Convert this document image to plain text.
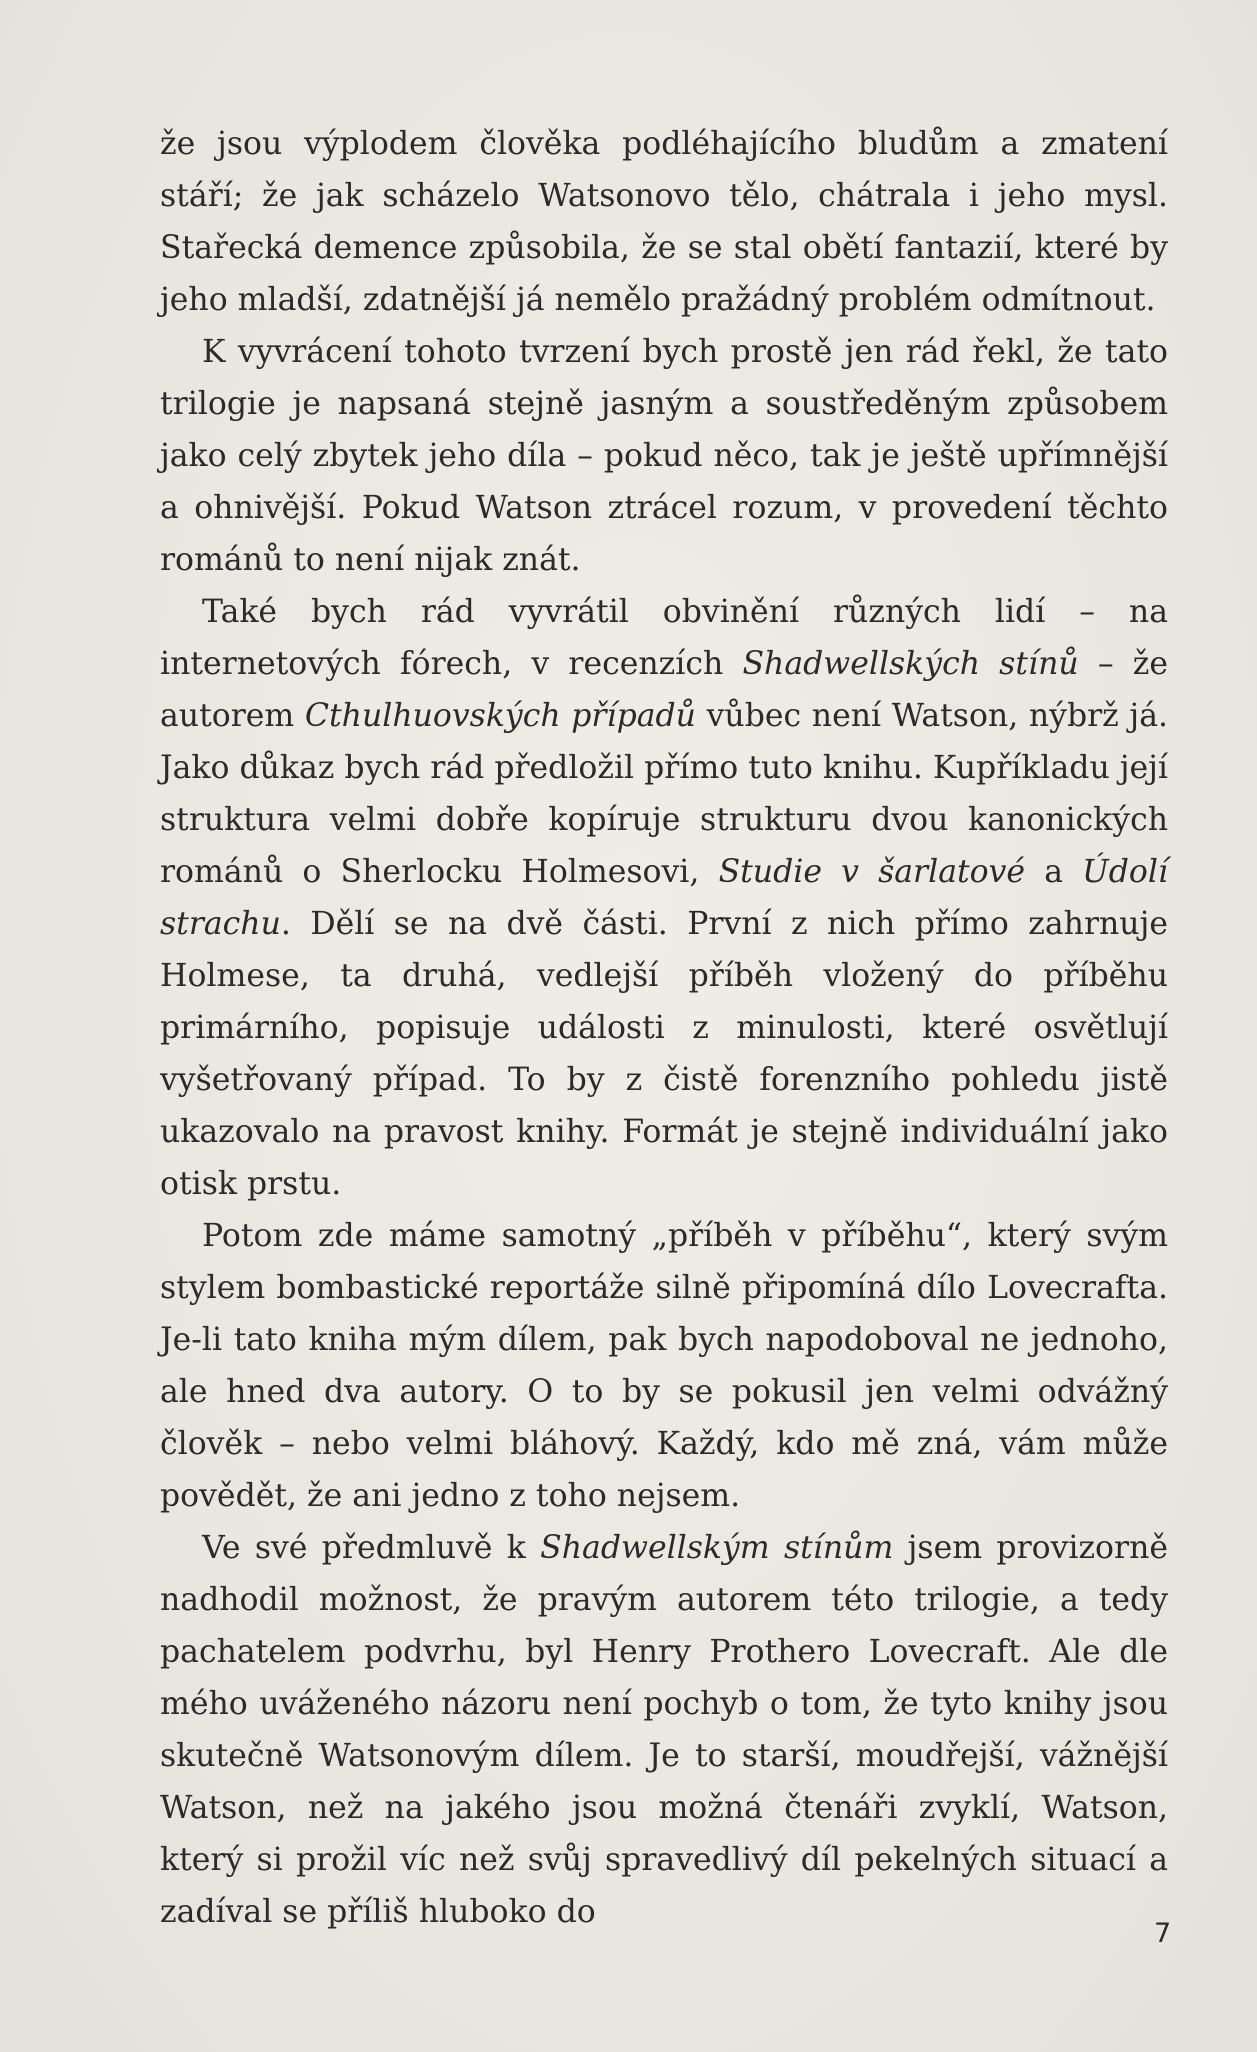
že jsou výplodem člověka podléhajícího bludům a zmatení stáří; že jak scházelo Watsonovo tělo, chátrala i jeho mysl. Stařecká demence způsobila, že se stal obětí fantazií, které by jeho mladší, zdatnější já nemělo pražádný problém odmítnout.

K vyvrácení tohoto tvrzení bych prostě jen rád řekl, že tato trilogie je napsaná stejně jasným a soustředěným způsobem jako celý zbytek jeho díla – pokud něco, tak je ještě upřímnější a ohnivější. Pokud Watson ztrácel rozum, v provedení těchto románů to není nijak znát.

Také bych rád vyvrátil obvinění různých lidí – na internetových fórech, v recenzích Shadwellských stínů – že autorem Cthulhuovských případů vůbec není Watson, nýbrž já. Jako důkaz bych rád předložil přímo tuto knihu. Kupříkladu její struktura velmi dobře kopíruje strukturu dvou kanonických románů o Sherlocku Holmesovi, Studie v šarlatové a Údolí strachu. Dělí se na dvě části. První z nich přímo zahrnuje Holmese, ta druhá, vedlejší příběh vložený do příběhu primárního, popisuje události z minulosti, které osvětlují vyšetřovaný případ. To by z čistě forenzního pohledu jistě ukazovalo na pravost knihy. Formát je stejně individuální jako otisk prstu.

Potom zde máme samotný „příběh v příběhu“, který svým stylem bombastické reportáže silně připomíná dílo Lovecrafta. Je-li tato kniha mým dílem, pak bych napodoboval ne jednoho, ale hned dva autory. O to by se pokusil jen velmi odvážný člověk – nebo velmi bláhový. Každý, kdo mě zná, vám může povědět, že ani jedno z toho nejsem.

Ve své předmluvě k Shadwellským stínům jsem provizorně nadhodil možnost, že pravým autorem této trilogie, a tedy pachatelem podvrhu, byl Henry Prothero Lovecraft. Ale dle mého uváženého názoru není pochyb o tom, že tyto knihy jsou skutečně Watsonovým dílem. Je to starší, moudřejší, vážnější Watson, než na jakého jsou možná čtenáři zvyklí, Watson, který si prožil víc než svůj spravedlivý díl pekelných situací a zadíval se příliš hluboko do

7
